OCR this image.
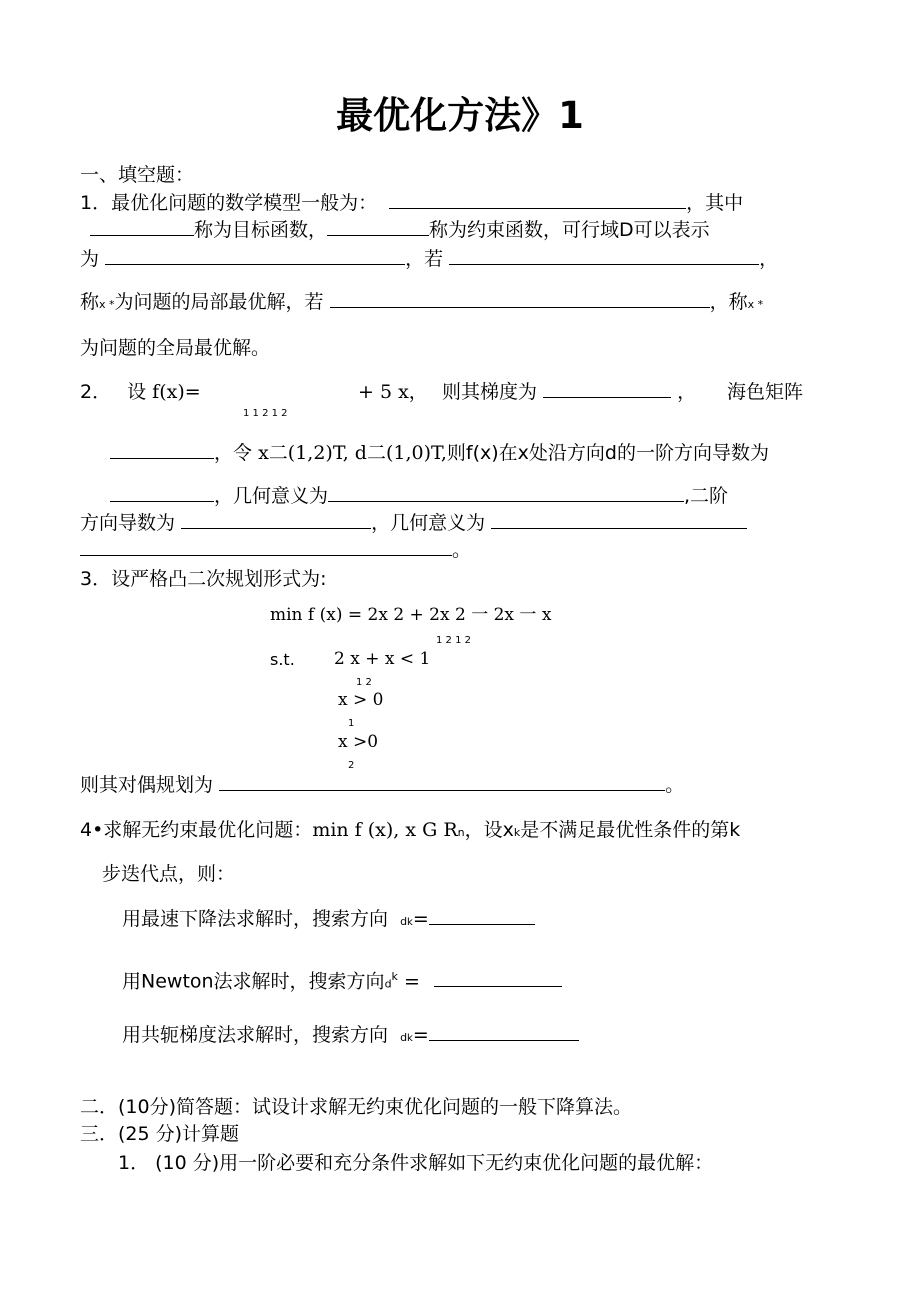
最优化方法》1
一、填空题：
1．最优化问题的数学模型一般为：	，其中
称为目标函数，	称为约束函数，可行域D可以表示
为	，若	，
称x *为问题的局部最优解，若	，称x *
为问题的全局最优解。
2． 设 f(x)=
1 1 2 1 2
+ 5 x， 则其梯度为	， 海色矩阵
，令 x二(1,2)T, d二(1,0)T,则f(x)在x处沿方向d的一阶方向导数为
，几何意义为	,二阶
方向导数为	，几何意义为
。
3．设严格凸二次规划形式为:
min f (x) = 2x 2 + 2x 2 一 2x 一 x
1 2 1 2
s.t. 2 x + x < 1
1 2
x > 0
1
x >0
2
则其对偶规划为	。
4•求解无约束最优化问题：min f (x), x G Rn，设xk是不满足最优性条件的第k
步迭代点，则：
用最速下降法求解时，搜索方向 dk=
用Newton法求解时，搜索方向$d^k$ =
用共轭梯度法求解时，搜索方向 dk=
二．(10分)简答题：试设计求解无约束优化问题的一般下降算法。
三．(25 分)计算题
1． (10 分)用一阶必要和充分条件求解如下无约束优化问题的最优解：
